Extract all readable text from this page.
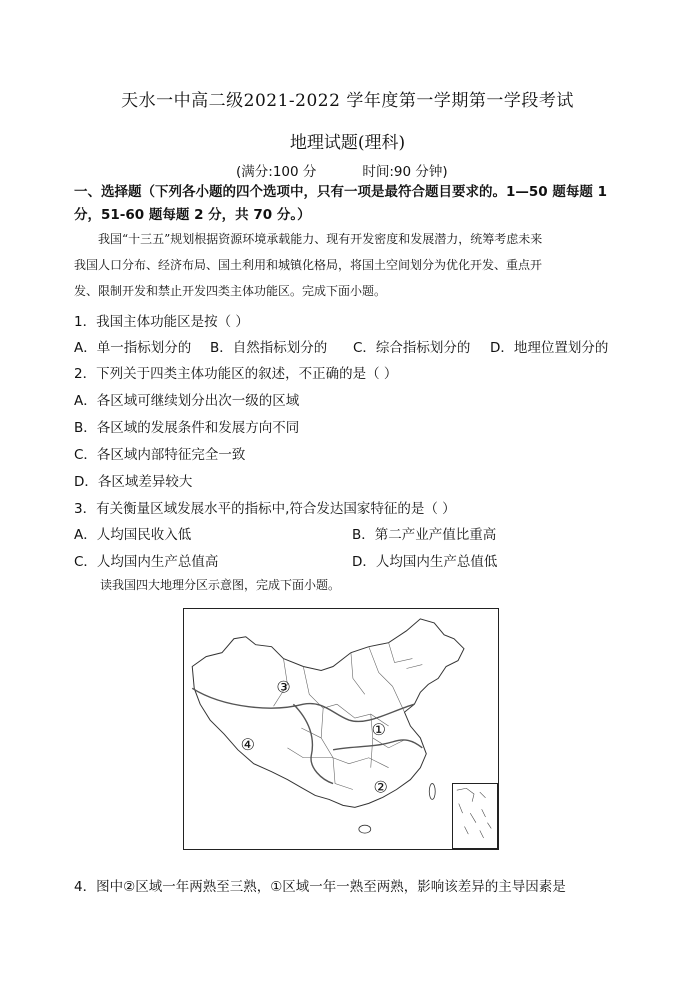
天水一中高二级2021-2022 学年度第一学期第一学段考试
地理试题(理科)
(满分:100 分	时间:90 分钟)
一、选择题（下列各小题的四个选项中，只有一项是最符合题目要求的。1—50 题每题 1
分，51-60 题每题 2 分，共 70 分。）
我国“十三五”规划根据资源环境承载能力、现有开发密度和发展潜力，统筹考虑未来
我国人口分布、经济布局、国土利用和城镇化格局，将国土空间划分为优化开发、重点开
发、限制开发和禁止开发四类主体功能区。完成下面小题。
1．我国主体功能区是按（ ）
A．单一指标划分的 B．自然指标划分的 C．综合指标划分的 D．地理位置划分的
2．下列关于四类主体功能区的叙述，不正确的是（ ）
A．各区域可继续划分出次一级的区域
B．各区域的发展条件和发展方向不同
C．各区域内部特征完全一致
D．各区域差异较大
3．有关衡量区域发展水平的指标中,符合发达国家特征的是（ ）
A．人均国民收入低	B．第二产业产值比重高
C．人均国内生产总值高	D．人均国内生产总值低
读我国四大地理分区示意图，完成下面小题。
①
②
③
④
4．图中②区域一年两熟至三熟，①区域一年一熟至两熟，影响该差异的主导因素是
